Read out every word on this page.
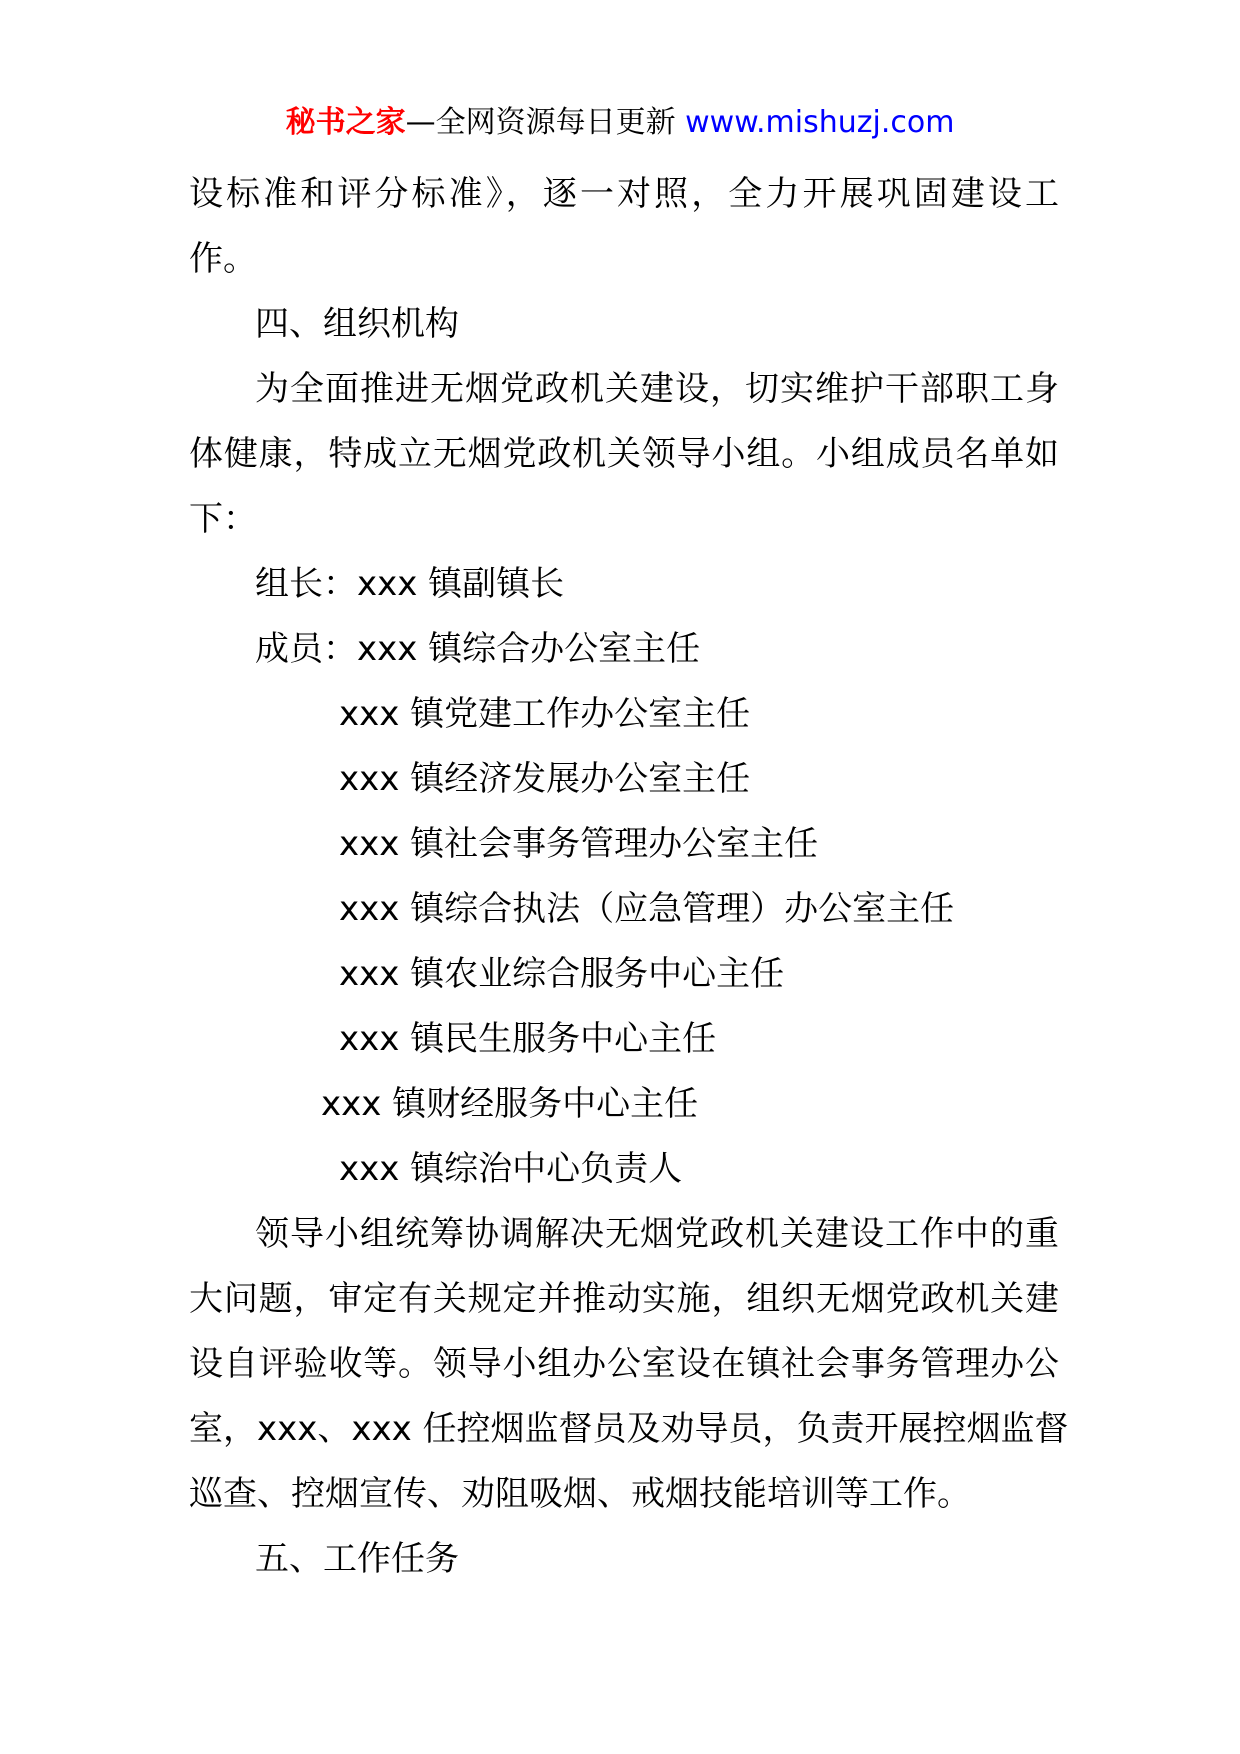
秘书之家—全网资源每日更新 www.mishuzj.com
设标准和评分标准》，逐一对照，全力开展巩固建设工
作。
四、组织机构
为全面推进无烟党政机关建设，切实维护干部职工身
体健康，特成立无烟党政机关领导小组。小组成员名单如
下：
组长：xxx 镇副镇长
成员：xxx 镇综合办公室主任
xxx 镇党建工作办公室主任
xxx 镇经济发展办公室主任
xxx 镇社会事务管理办公室主任
xxx 镇综合执法（应急管理）办公室主任
xxx 镇农业综合服务中心主任
xxx 镇民生服务中心主任
xxx 镇财经服务中心主任
xxx 镇综治中心负责人
领导小组统筹协调解决无烟党政机关建设工作中的重
大问题，审定有关规定并推动实施，组织无烟党政机关建
设自评验收等。领导小组办公室设在镇社会事务管理办公
室，xxx、xxx 任控烟监督员及劝导员，负责开展控烟监督
巡查、控烟宣传、劝阻吸烟、戒烟技能培训等工作。
五、工作任务
